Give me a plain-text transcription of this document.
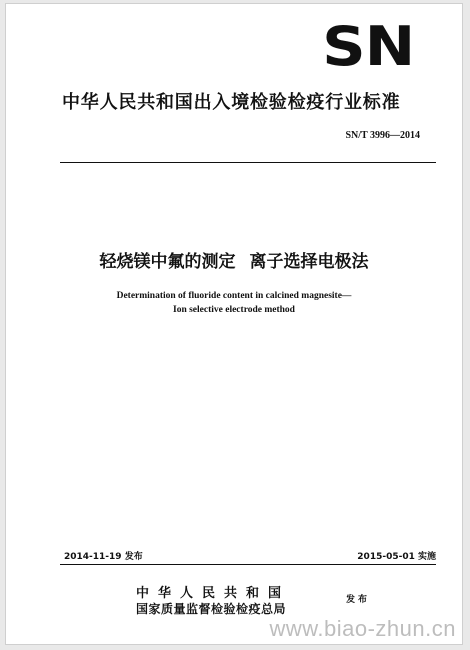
SN
中华人民共和国出入境检验检疫行业标准
SN/T 3996—2014
轻烧镁中氟的测定 离子选择电极法
Determination of fluoride content in calcined magnesite—
Ion selective electrode method
2014-11-19 发布	2015-05-01 实施
中华人民共和国
国家质量监督检验检疫总局
发布
www.biao-zhun.cn
